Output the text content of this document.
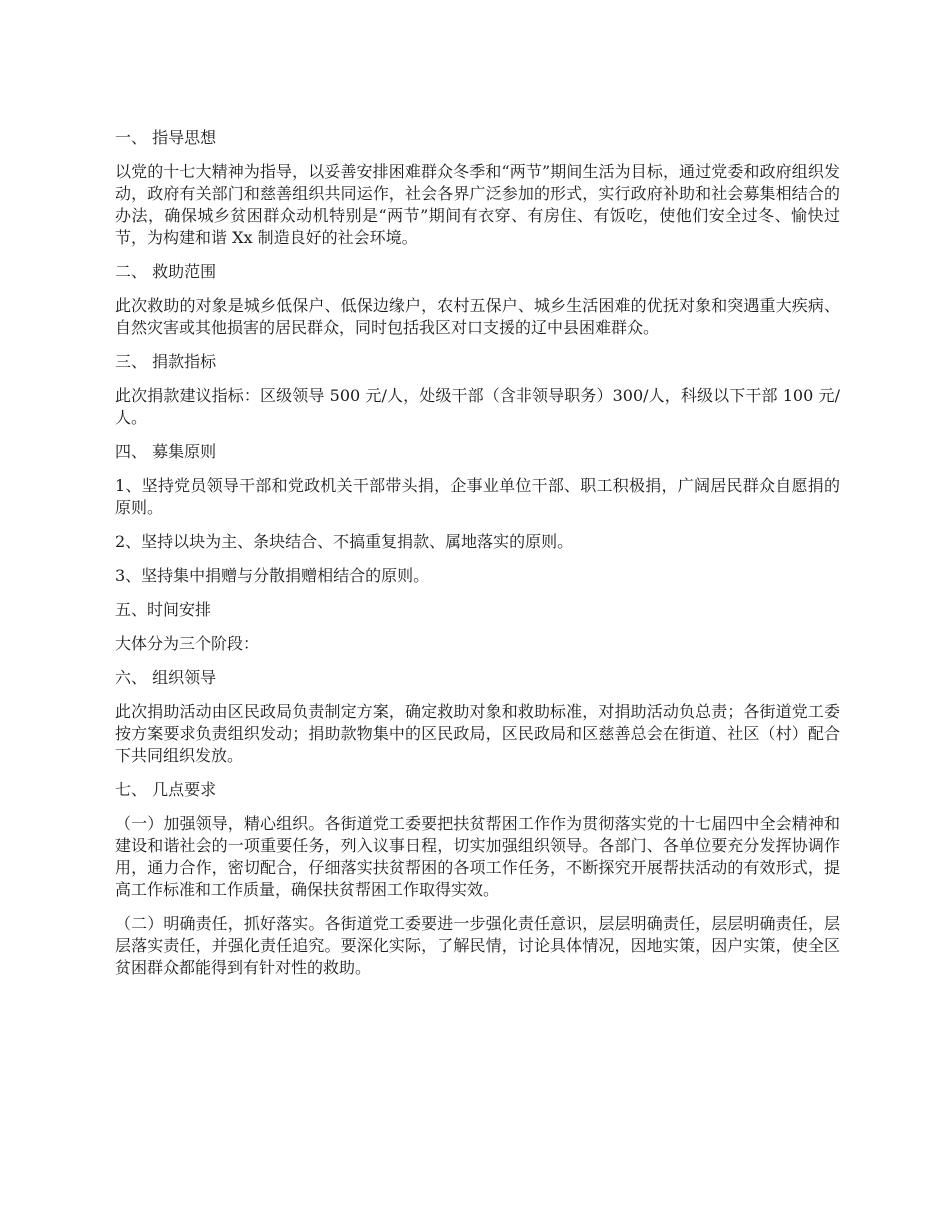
一、 指导思想

以党的十七大精神为指导，以妥善安排困难群众冬季和“两节”期间生活为目标，通过党委和政府组织发动，政府有关部门和慈善组织共同运作，社会各界广泛参加的形式，实行政府补助和社会募集相结合的办法，确保城乡贫困群众动机特别是“两节”期间有衣穿、有房住、有饭吃，使他们安全过冬、愉快过节，为构建和谐 Xx 制造良好的社会环境。

二、 救助范围

此次救助的对象是城乡低保户、低保边缘户，农村五保户、城乡生活困难的优抚对象和突遇重大疾病、自然灾害或其他损害的居民群众，同时包括我区对口支援的辽中县困难群众。

三、 捐款指标

此次捐款建议指标：区级领导 500 元/人，处级干部（含非领导职务）300/人，科级以下干部 100 元/人。

四、 募集原则

1、坚持党员领导干部和党政机关干部带头捐，企事业单位干部、职工积极捐，广阔居民群众自愿捐的原则。

2、坚持以块为主、条块结合、不搞重复捐款、属地落实的原则。

3、坚持集中捐赠与分散捐赠相结合的原则。

五、时间安排

大体分为三个阶段：

六、 组织领导

此次捐助活动由区民政局负责制定方案，确定救助对象和救助标准，对捐助活动负总责；各街道党工委按方案要求负责组织发动；捐助款物集中的区民政局，区民政局和区慈善总会在街道、社区（村）配合下共同组织发放。

七、 几点要求

（一）加强领导，精心组织。各街道党工委要把扶贫帮困工作作为贯彻落实党的十七届四中全会精神和建设和谐社会的一项重要任务，列入议事日程，切实加强组织领导。各部门、各单位要充分发挥协调作用，通力合作，密切配合，仔细落实扶贫帮困的各项工作任务，不断探究开展帮扶活动的有效形式，提高工作标准和工作质量，确保扶贫帮困工作取得实效。

（二）明确责任，抓好落实。各街道党工委要进一步强化责任意识，层层明确责任，层层明确责任，层层落实责任，并强化责任追究。要深化实际，了解民情，讨论具体情况，因地实策，因户实策，使全区贫困群众都能得到有针对性的救助。
